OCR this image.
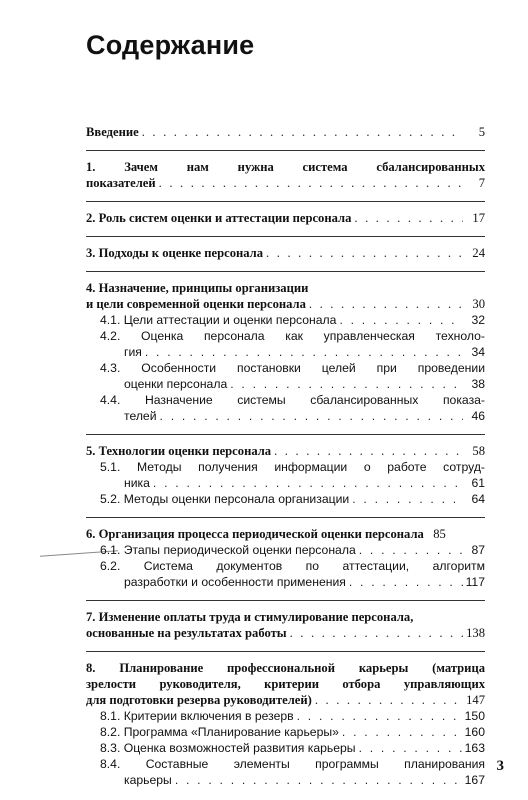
Содержание
Введение . . .	5
1. Зачем нам нужна система сбалансированных
показателей . . .	7
2. Роль систем оценки и аттестации персонала . . .	17
3. Подходы к оценке персонала . . .	24
4. Назначение, принципы организации
и цели современной оценки персонала . . .	30
4.1. Цели аттестации и оценки персонала . . .	32
4.2. Оценка персонала как управленческая техноло-
гия . . .	34
4.3. Особенности постановки целей при проведении
оценки персонала . . .	38
4.4. Назначение системы сбалансированных показа-
телей . . .	46
5. Технологии оценки персонала . . .	58
5.1. Методы получения информации о работе сотруд-
ника . . .	61
5.2. Методы оценки персонала организации . . .	64
6. Организация процесса периодической оценки персонала 85
6.1. Этапы периодической оценки персонала . . .	87
6.2. Система документов по аттестации, алгоритм
разработки и особенности применения . . .	117
7. Изменение оплаты труда и стимулирование персонала,
основанные на результатах работы . . .	138
8. Планирование профессиональной карьеры (матрица
зрелости руководителя, критерии отбора управляющих
для подготовки резерва руководителей) . . .	147
8.1. Критерии включения в резерв . . .	150
8.2. Программа «Планирование карьеры» . . .	160
8.3. Оценка возможностей развития карьеры . . .	163
8.4. Составные элементы программы планирования
карьеры . . .	167
3
